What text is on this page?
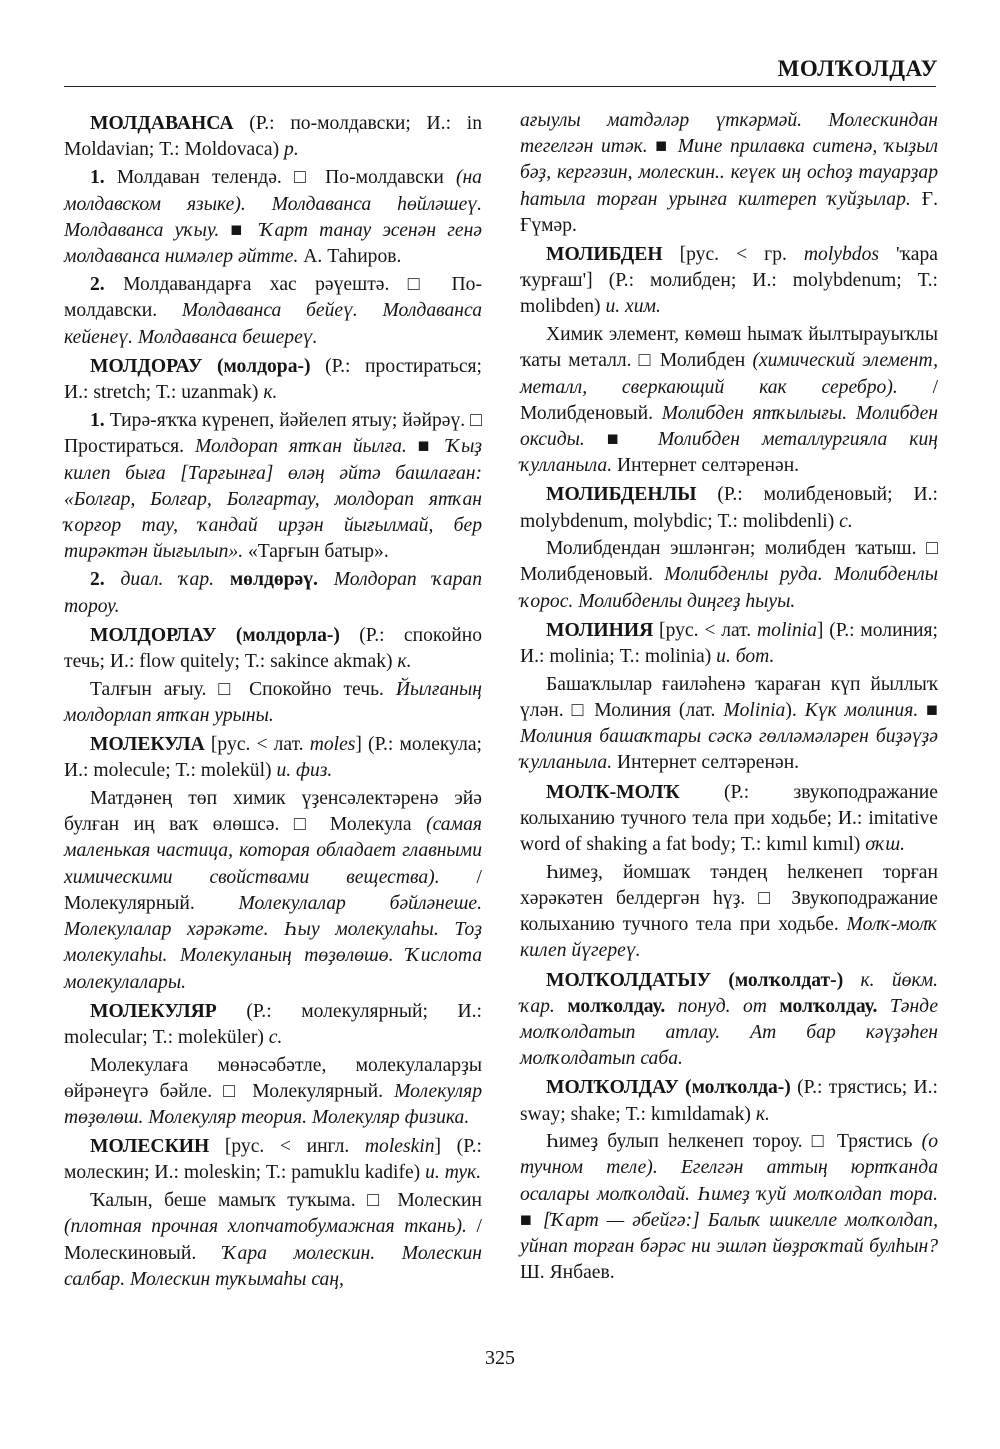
МОЛҠОЛДАУ

МОЛДАВАНСА (Р.: по-молдавски; И.: in Moldavian; Т.: Moldovaca) р.

1. Молдаван телендә. □ По-молдавски (на молдавском языке). Молдаванса һөйләшеү. Молдаванса уҡыу. ■ Ҡарт танау эсенән генә молдаванса нимәлер әйтте. А. Таһиров.

2. Молдавандарға хас рәүештә. □ По-молдавски. Молдаванса бейеү. Молдаванса кейенеү. Молдаванса бешереү.

МОЛДОРАУ (молдора-) (Р.: простираться; И.: stretch; Т.: uzanmak) к.

1. Тирә-яҡҡа күренеп, йәйелеп ятыу; йәйрәү. □ Простираться. Молдорап ятҡан йылға. ■ Ҡыҙ килеп быға [Тарғынға] өләң әйтә башлаған: «Болғар, Болғар, Болғартау, молдорап ятҡан ҡорғор тау, ҡандай ирҙән йығылмай, бер тирәктән йығылып». «Тарғын батыр».

2. диал. ҡар. мөлдөрәү. Молдорап ҡарап тороу.

МОЛДОРЛАУ (молдорла-) (Р.: спокойно течь; И.: flow quitely; Т.: sakince akmak) к.

Талғын ағыу. □ Спокойно течь. Йылғаның молдорлап ятҡан урыны.

МОЛЕКУЛА [рус. < лат. moles] (Р.: молекула; И.: molecule; Т.: molekül) и. физ.

Матдәнең төп химик үҙенсәлектәренә эйә булған иң ваҡ өлөшсә. □ Молекула (самая маленькая частица, которая обладает главными химическими свойствами вещества). / Молекулярный. Молекулалар бәйләнеше. Молекулалар хәрәкәте. Һыу молекулаһы. Тоҙ молекулаһы. Молекуланың төҙөлөшө. Ҡислота молекулалары.

МОЛЕКУЛЯР (Р.: молекулярный; И.: molecular; Т.: moleküler) с.

Молекулаға мөнәсәбәтле, молекулаларҙы өйрәнеүгә бәйле. □ Молекулярный. Молекуляр төҙөлөш. Молекуляр теория. Молекуляр физика.

МОЛЕСКИН [рус. < ингл. moleskin] (Р.: молескин; И.: moleskin; Т.: pamuklu kadife) и. тук.

Ҡалын, беше мамыҡ туҡыма. □ Молескин (плотная прочная хлопчатобумажная ткань). / Молескиновый. Ҡара молескин. Молескин салбар. Молескин туҡымаһы саң,

ағыулы матдәләр үткәрмәй. Молескиндан тегелгән итәк. ■ Мине прилавка ситенә, ҡыҙыл бәҙ, кергәзин, молескин.. кеүек иң осһоҙ тауарҙар һатыла торған урынға килтереп ҡуйҙылар. Ғ. Ғүмәр.

МОЛИБДЕН [рус. < гр. molybdos 'ҡара ҡурғаш'] (Р.: молибден; И.: molybdenum; Т.: molibden) и. хим.

Химик элемент, көмөш һымаҡ йылтырауыҡлы ҡаты металл. □ Молибден (химический элемент, металл, сверкающий как серебро). / Молибденовый. Молибден ятҡылығы. Молибден оксиды. ■ Молибден металлургияла киң ҡулланыла. Интернет селтәренән.

МОЛИБДЕНЛЫ (Р.: молибденовый; И.: molybdenum, molybdic; Т.: molibdenli) с.

Молибдендан эшләнгән; молибден ҡатыш. □ Молибденовый. Молибденлы руда. Молибденлы ҡорос. Молибденлы диңгеҙ һыуы.

МОЛИНИЯ [рус. < лат. molinia] (Р.: молиния; И.: molinia; Т.: molinia) и. бот.

Башаҡлылар ғаиләһенә ҡараған күп йыллыҡ үлән. □ Молиния (лат. Molinia). Күк молиния. ■ Молиния башаҡтары сәскә гөлләмәләрен биҙәүҙә ҡулланыла. Интернет селтәренән.

МОЛҠ-МОЛҠ (Р.: звукоподражание колыханию тучного тела при ходьбе; И.: imitative word of shaking a fat body; Т.: kımıl kımıl) оҡш.

Һимеҙ, йомшаҡ тәндең һелкенеп торған хәрәкәтен белдергән һүҙ. □ Звукоподражание колыханию тучного тела при ходьбе. Молҡ-молҡ килеп йүгереү.

МОЛҠОЛДАТЫУ (молҡолдат-) к. йөкм. ҡар. молҡолдау. понуд. от молҡолдау. Тәнде молҡолдатып атлау. Ат бар кәүҙәһен молҡолдатып саба.

МОЛҠОЛДАУ (молҡолда-) (Р.: трястись; И.: sway; shake; Т.: kımıldamak) к.

Һимеҙ булып һелкенеп тороу. □ Трястись (о тучном теле). Егелгән аттың юртҡанда осалары молҡолдай. Һимеҙ ҡуй молҡолдап тора. ■ [Ҡарт — әбейгә:] Балыҡ шикелле молҡолдап, уйнап торған бәрәс ни эшләп йөҙроҡтай булһын? Ш. Янбаев.

325
